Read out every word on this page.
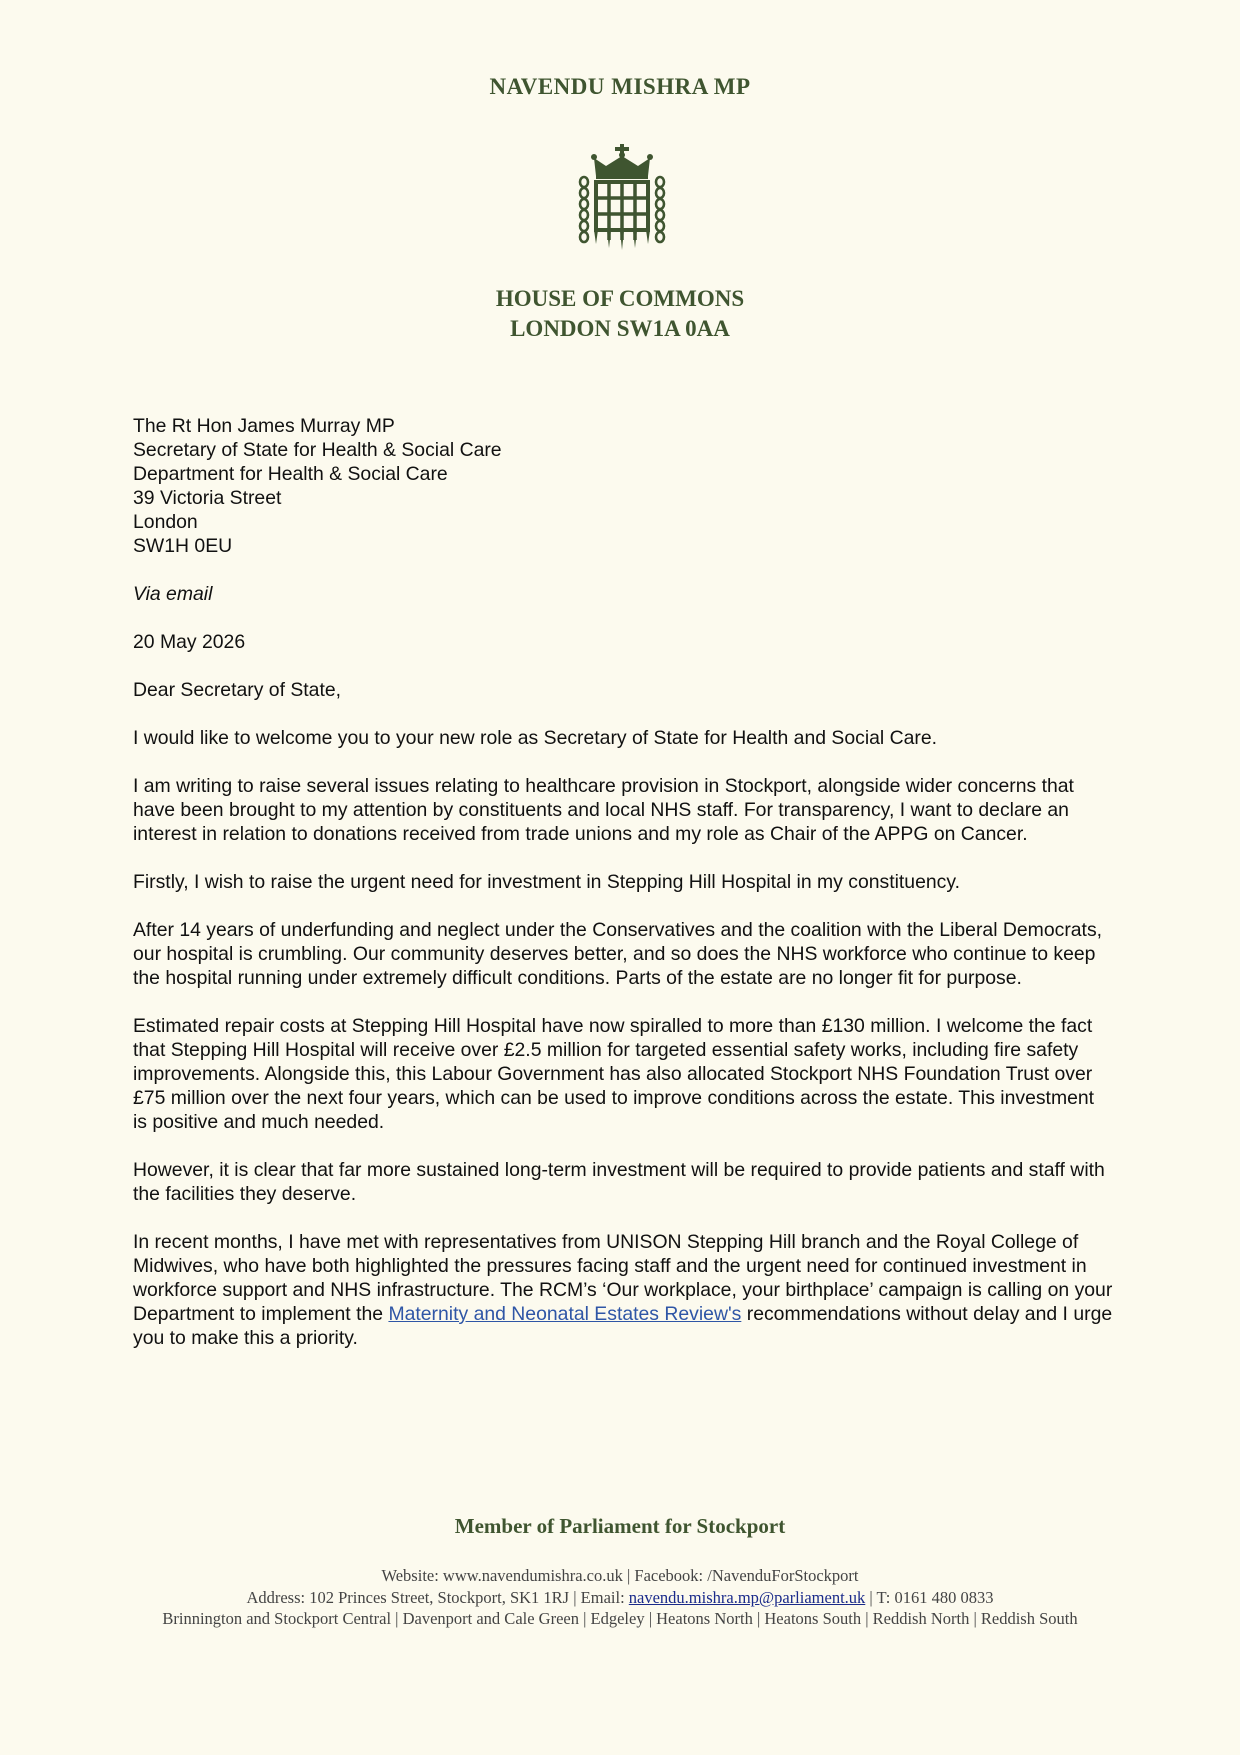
NAVENDU MISHRA MP
HOUSE OF COMMONS
LONDON SW1A 0AA

The Rt Hon James Murray MP

Secretary of State for Health & Social Care

Department for Health & Social Care

39 Victoria Street

London

SW1H 0EU

Via email

20 May 2026

Dear Secretary of State,

I would like to welcome you to your new role as Secretary of State for Health and Social Care.

I am writing to raise several issues relating to healthcare provision in Stockport, alongside wider concerns that have been brought to my attention by constituents and local NHS staff. For transparency, I want to declare an interest in relation to donations received from trade unions and my role as Chair of the APPG on Cancer.

Firstly, I wish to raise the urgent need for investment in Stepping Hill Hospital in my constituency.

After 14 years of underfunding and neglect under the Conservatives and the coalition with the Liberal Democrats, our hospital is crumbling. Our community deserves better, and so does the NHS workforce who continue to keep the hospital running under extremely difficult conditions. Parts of the estate are no longer fit for purpose.

Estimated repair costs at Stepping Hill Hospital have now spiralled to more than £130 million. I welcome the fact that Stepping Hill Hospital will receive over £2.5 million for targeted essential safety works, including fire safety improvements. Alongside this, this Labour Government has also allocated Stockport NHS Foundation Trust over £75 million over the next four years, which can be used to improve conditions across the estate. This investment is positive and much needed.

However, it is clear that far more sustained long-term investment will be required to provide patients and staff with the facilities they deserve.

In recent months, I have met with representatives from UNISON Stepping Hill branch and the Royal College of Midwives, who have both highlighted the pressures facing staff and the urgent need for continued investment in workforce support and NHS infrastructure. The RCM’s ‘Our workplace, your birthplace’ campaign is calling on your Department to implement the Maternity and Neonatal Estates Review's recommendations without delay and I urge you to make this a priority.

Member of Parliament for Stockport
Website: www.navendumishra.co.uk | Facebook: /NavenduForStockport
Address: 102 Princes Street, Stockport, SK1 1RJ | Email: navendu.mishra.mp@parliament.uk | T: 0161 480 0833
Brinnington and Stockport Central | Davenport and Cale Green | Edgeley | Heatons North | Heatons South | Reddish North | Reddish South
